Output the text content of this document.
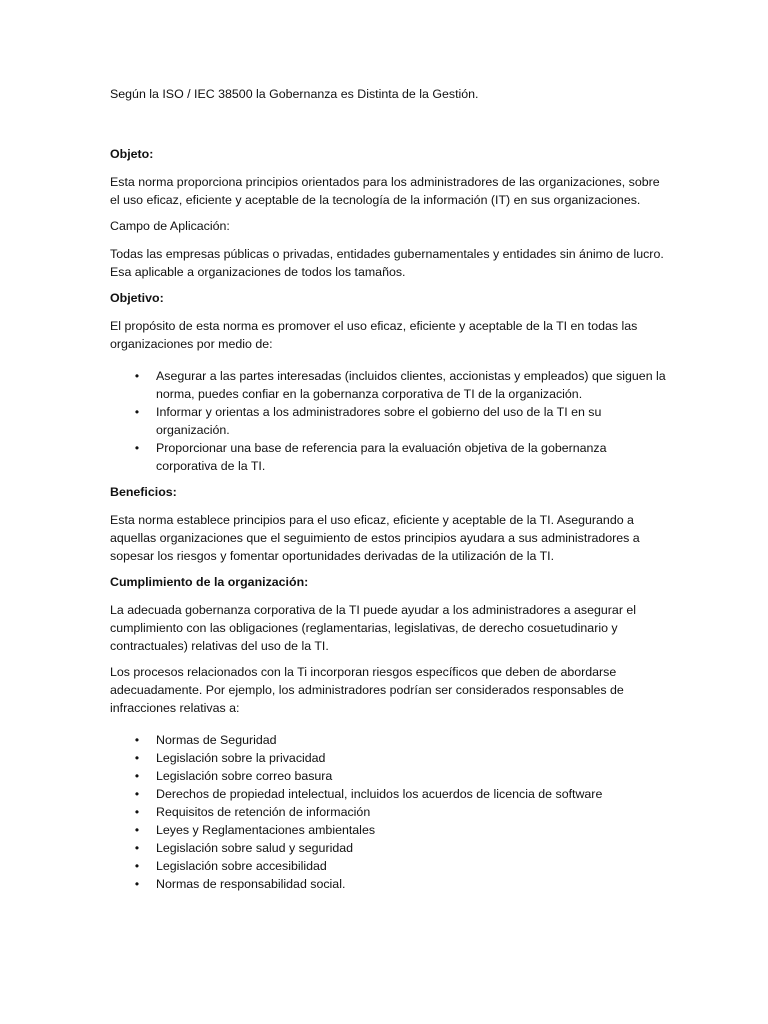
Según la ISO / IEC 38500 la Gobernanza es Distinta de la Gestión.

Objeto:

Esta norma proporciona principios orientados para los administradores de las organizaciones, sobre el uso eficaz, eficiente y aceptable de la tecnología de la información (IT) en sus organizaciones.

Campo de Aplicación:

Todas las empresas públicas o privadas, entidades gubernamentales y entidades sin ánimo de lucro. Esa aplicable a organizaciones de todos los tamaños.

Objetivo:

El propósito de esta norma es promover el uso eficaz, eficiente y aceptable de la TI en todas las organizaciones por medio de:

• Asegurar a las partes interesadas (incluidos clientes, accionistas y empleados) que siguen la norma, puedes confiar en la gobernanza corporativa de TI de la organización.
• Informar y orientas a los administradores sobre el gobierno del uso de la TI en su organización.
• Proporcionar una base de referencia para la evaluación objetiva de la gobernanza corporativa de la TI.

Beneficios:

Esta norma establece principios para el uso eficaz, eficiente y aceptable de la TI. Asegurando a aquellas organizaciones que el seguimiento de estos principios ayudara a sus administradores a sopesar los riesgos y fomentar oportunidades derivadas de la utilización de la TI.

Cumplimiento de la organización:

La adecuada gobernanza corporativa de la TI puede ayudar a los administradores a asegurar el cumplimiento con las obligaciones (reglamentarias, legislativas, de derecho cosuetudinario y contractuales) relativas del uso de la TI.

Los procesos relacionados con la Ti incorporan riesgos específicos que deben de abordarse adecuadamente. Por ejemplo, los administradores podrían ser considerados responsables de infracciones relativas a:

• Normas de Seguridad
• Legislación sobre la privacidad
• Legislación sobre correo basura
• Derechos de propiedad intelectual, incluidos los acuerdos de licencia de software
• Requisitos de retención de información
• Leyes y Reglamentaciones ambientales
• Legislación sobre salud y seguridad
• Legislación sobre accesibilidad
• Normas de responsabilidad social.
